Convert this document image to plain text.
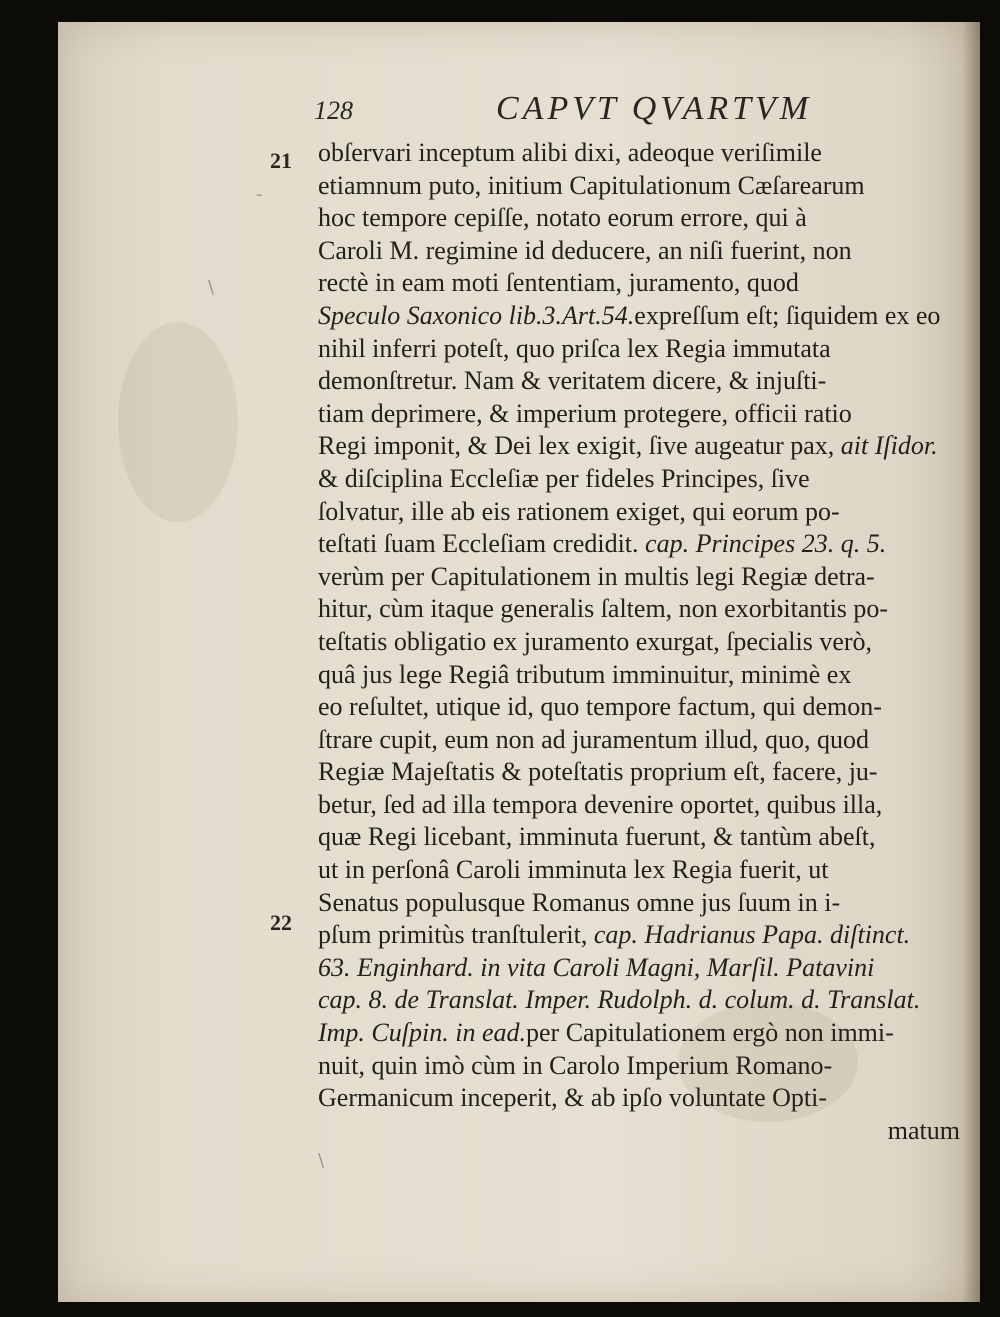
\
-
\
128	CAPVT QVARTVM
21
22
obſervari inceptum alibi dixi, adeoque veriſimile
etiamnum puto, initium Capitulationum Cæſarearum
hoc tempore cepiſſe, notato eorum errore, qui à
Caroli M. regimine id deducere, an niſi fuerint, non
rectè in eam moti ſententiam, juramento, quod
Speculo Saxonico lib.3.Art.54.expreſſum eſt; ſiquidem ex eo
nihil inferri poteſt, quo priſca lex Regia immutata
demonſtretur. Nam & veritatem dicere, & injuſti-
tiam deprimere, & imperium protegere, officii ratio
Regi imponit, & Dei lex exigit, ſive augeatur pax, ait Iſidor.
& diſciplina Eccleſiæ per fideles Principes, ſive
ſolvatur, ille ab eis rationem exiget, qui eorum po-
teſtati ſuam Eccleſiam credidit. cap. Principes 23. q. 5.
verùm per Capitulationem in multis legi Regiæ detra-
hitur, cùm itaque generalis ſaltem, non exorbitantis po-
teſtatis obligatio ex juramento exurgat, ſpecialis verò,
quâ jus lege Regiâ tributum imminuitur, minimè ex
eo reſultet, utique id, quo tempore factum, qui demon-
ſtrare cupit, eum non ad juramentum illud, quo, quod
Regiæ Majeſtatis & poteſtatis proprium eſt, facere, ju-
betur, ſed ad illa tempora devenire oportet, quibus illa,
quæ Regi licebant, imminuta fuerunt, & tantùm abeſt,
ut in perſonâ Caroli imminuta lex Regia fuerit, ut
Senatus populusque Romanus omne jus ſuum in i-
pſum primitùs tranſtulerit, cap. Hadrianus Papa. diſtinct.
63. Enginhard. in vita Caroli Magni, Marſil. Patavini
cap. 8. de Translat. Imper. Rudolph. d. colum. d. Translat.
Imp. Cuſpin. in ead.per Capitulationem ergò non immi-
nuit, quin imò cùm in Carolo Imperium Romano-
Germanicum inceperit, & ab ipſo voluntate Opti-
matum
